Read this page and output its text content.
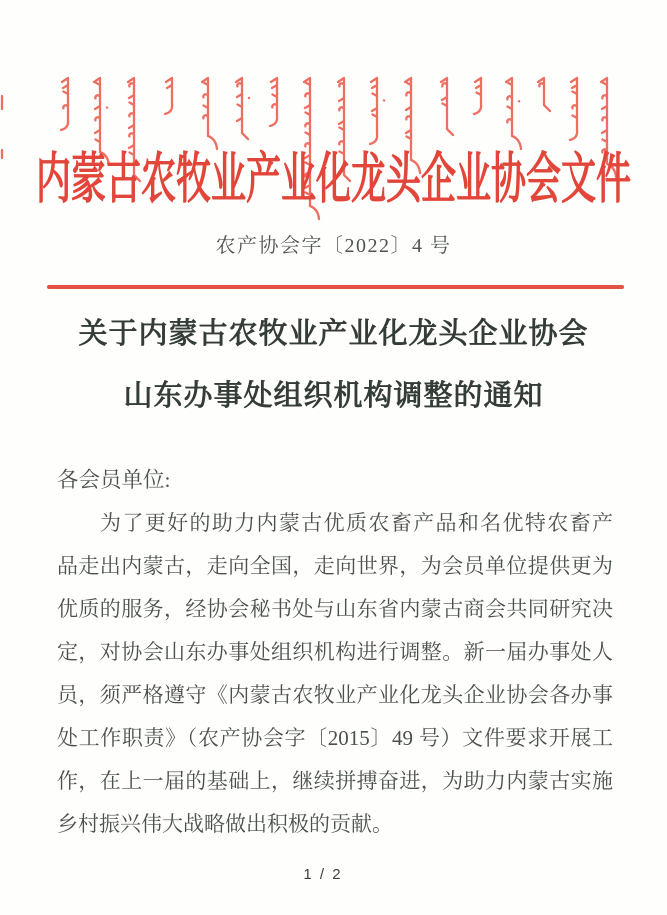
内蒙古农牧业产业化龙头企业协会文件
农产协会字〔2022〕4 号
关于内蒙古农牧业产业化龙头企业协会
山东办事处组织机构调整的通知
各会员单位:
为了更好的助力内蒙古优质农畜产品和名优特农畜产
品走出内蒙古，走向全国，走向世界，为会员单位提供更为
优质的服务，经协会秘书处与山东省内蒙古商会共同研究决
定，对协会山东办事处组织机构进行调整。新一届办事处人
员，须严格遵守《内蒙古农牧业产业化龙头企业协会各办事
处工作职责》（农产协会字〔2015〕49 号）文件要求开展工
作，在上一届的基础上，继续拼搏奋进，为助力内蒙古实施
乡村振兴伟大战略做出积极的贡献。
1 / 2
